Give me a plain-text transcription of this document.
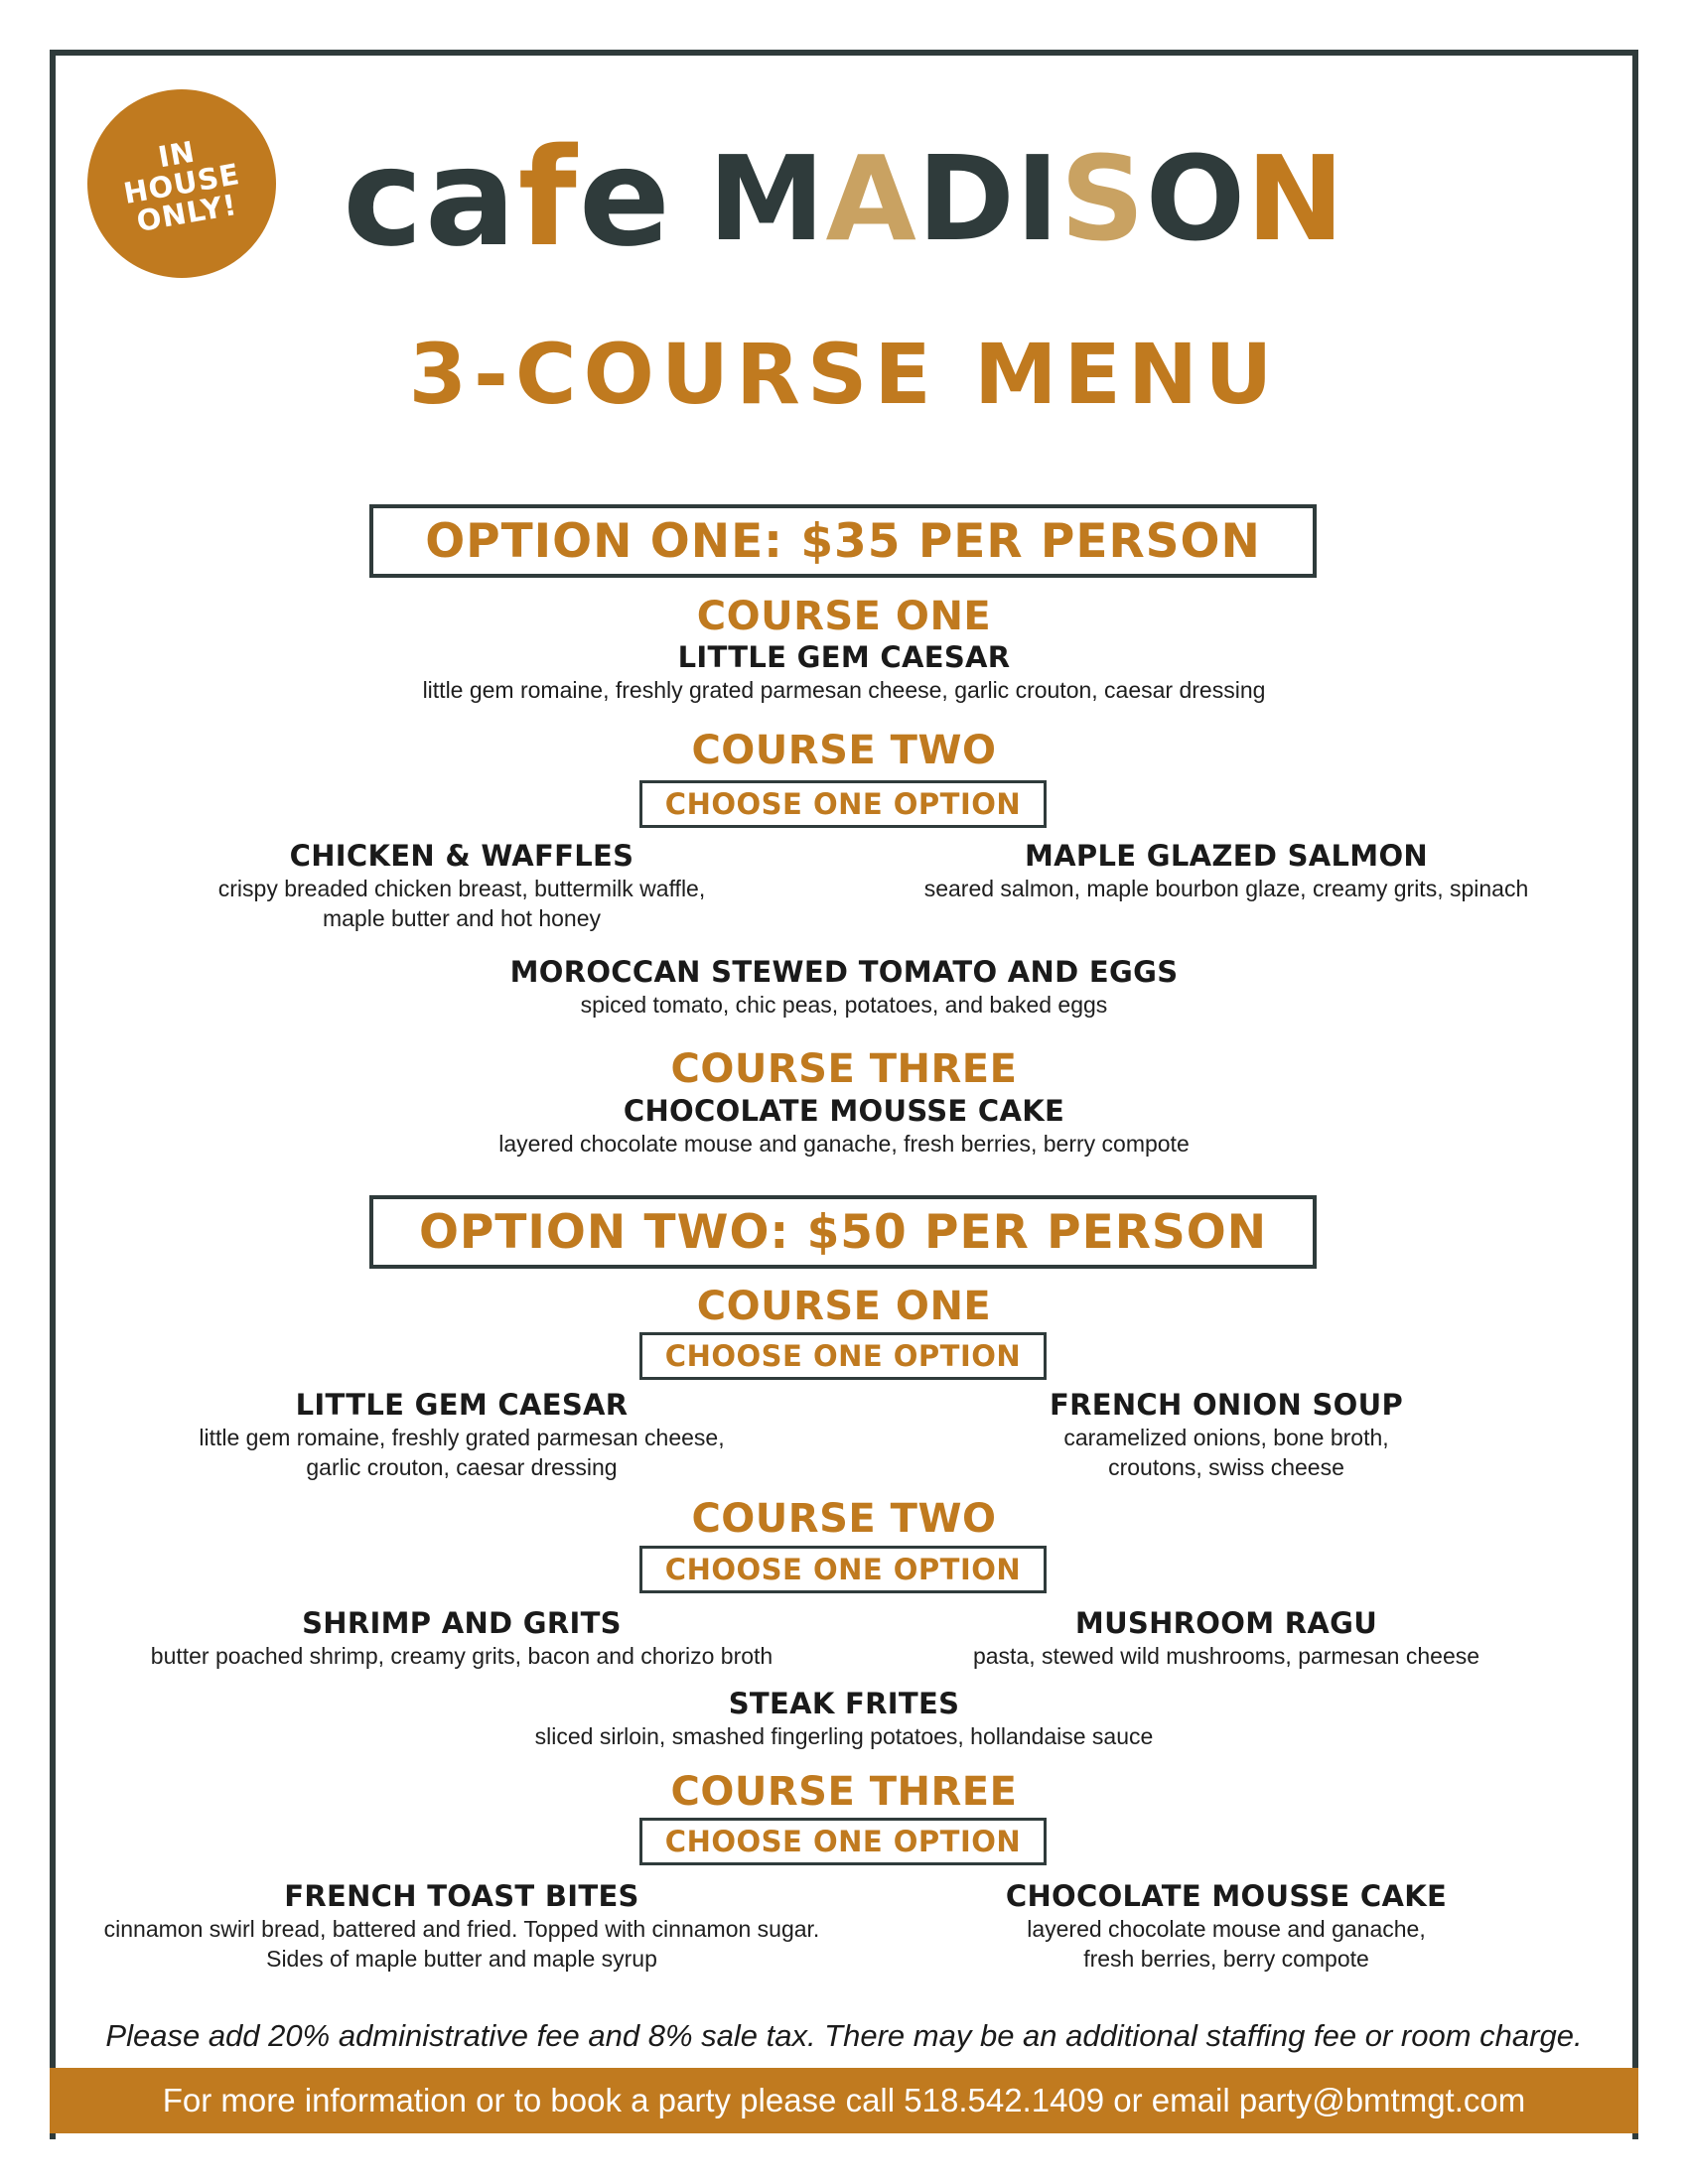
IN
HOUSE
ONLY! cafe MADISON
3-COURSE MENU
OPTION ONE: $35 PER PERSON
COURSE ONE
LITTLE GEM CAESAR
little gem romaine, freshly grated parmesan cheese, garlic crouton, caesar dressing
COURSE TWO
CHOOSE ONE OPTION
CHICKEN & WAFFLES
crispy breaded chicken breast, buttermilk waffle,
maple butter and hot honey
MAPLE GLAZED SALMON
seared salmon, maple bourbon glaze, creamy grits, spinach
MOROCCAN STEWED TOMATO AND EGGS
spiced tomato, chic peas, potatoes, and baked eggs
COURSE THREE
CHOCOLATE MOUSSE CAKE
layered chocolate mouse and ganache, fresh berries, berry compote
OPTION TWO: $50 PER PERSON
COURSE ONE
CHOOSE ONE OPTION
LITTLE GEM CAESAR
little gem romaine, freshly grated parmesan cheese,
garlic crouton, caesar dressing
FRENCH ONION SOUP
caramelized onions, bone broth,
croutons, swiss cheese
COURSE TWO
CHOOSE ONE OPTION
SHRIMP AND GRITS
butter poached shrimp, creamy grits, bacon and chorizo broth
MUSHROOM RAGU
pasta, stewed wild mushrooms, parmesan cheese
STEAK FRITES
sliced sirloin, smashed fingerling potatoes, hollandaise sauce
COURSE THREE
CHOOSE ONE OPTION
FRENCH TOAST BITES
cinnamon swirl bread, battered and fried. Topped with cinnamon sugar.
Sides of maple butter and maple syrup
CHOCOLATE MOUSSE CAKE
layered chocolate mouse and ganache,
fresh berries, berry compote
Please add 20% administrative fee and 8% sale tax. There may be an additional staffing fee or room charge.
For more information or to book a party please call 518.542.1409 or email party@bmtmgt.com
